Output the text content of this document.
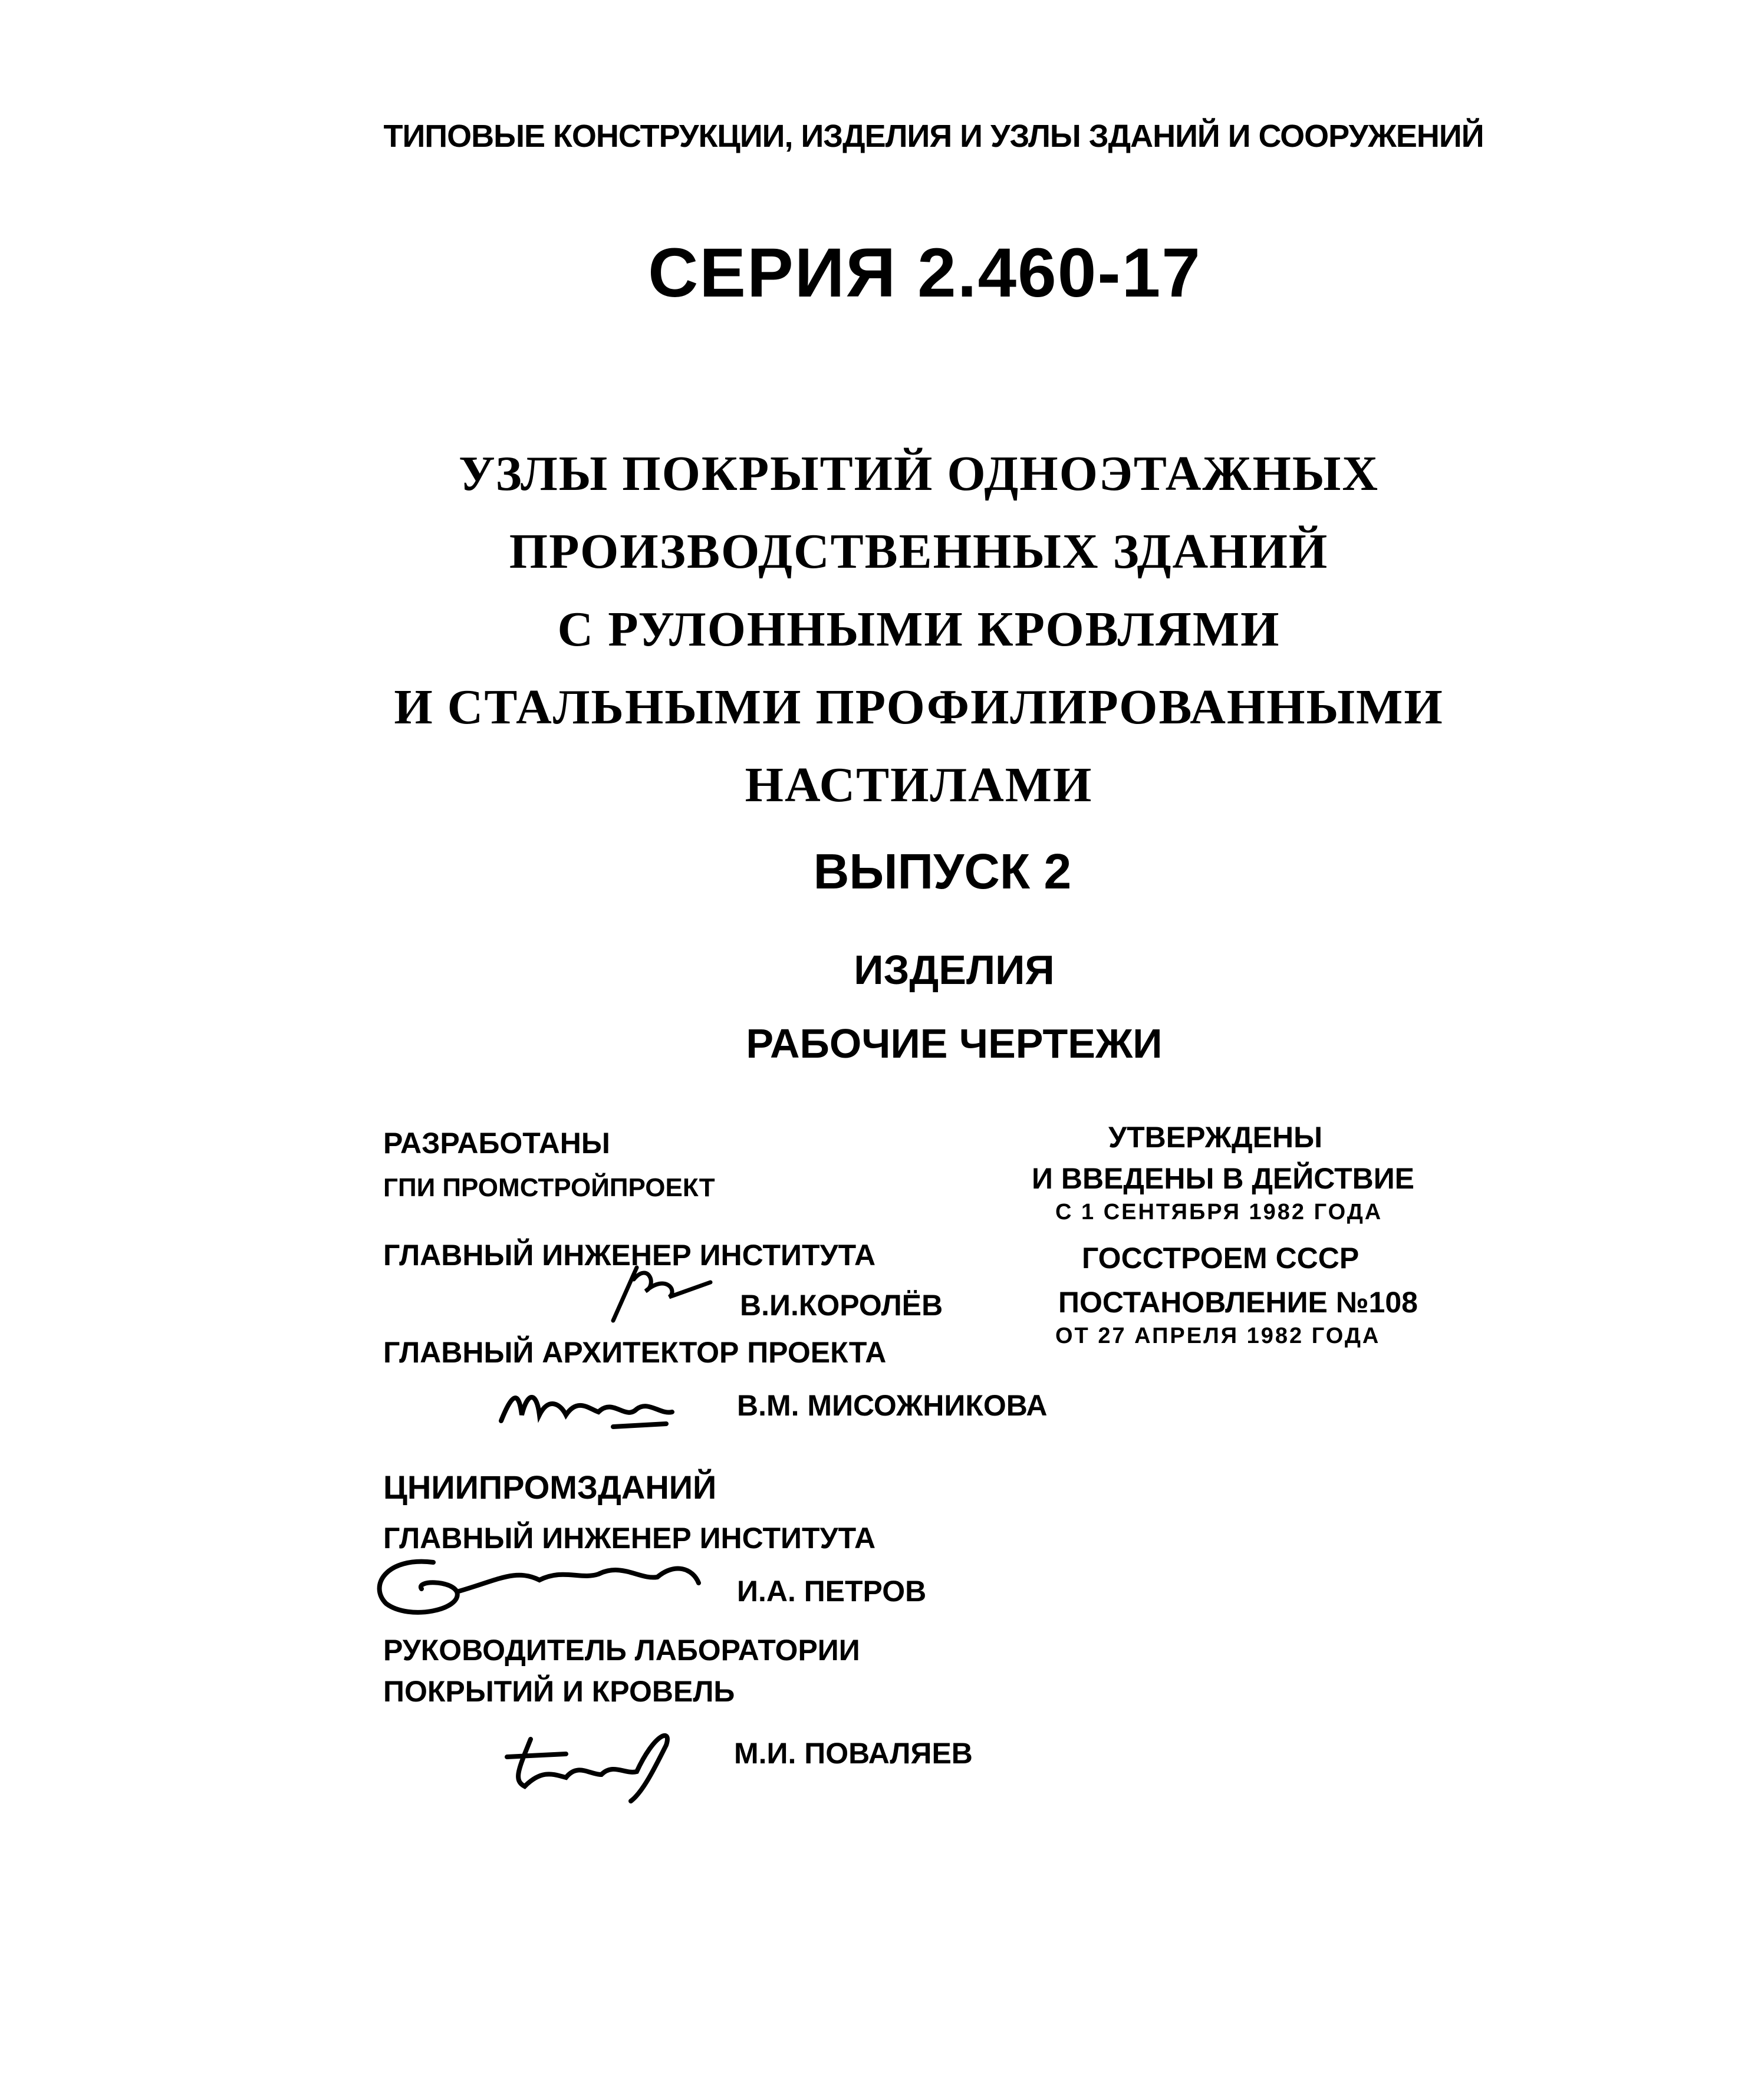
ТИПОВЫЕ КОНСТРУКЦИИ, ИЗДЕЛИЯ И УЗЛЫ ЗДАНИЙ И СООРУЖЕНИЙ
СЕРИЯ 2.460-17
УЗЛЫ ПОКРЫТИЙ ОДНОЭТАЖНЫХ
ПРОИЗВОДСТВЕННЫХ ЗДАНИЙ
С РУЛОННЫМИ КРОВЛЯМИ
И СТАЛЬНЫМИ ПРОФИЛИРОВАННЫМИ
НАСТИЛАМИ
ВЫПУСК 2
ИЗДЕЛИЯ
РАБОЧИЕ ЧЕРТЕЖИ
РАЗРАБОТАНЫ
ГПИ ПРОМСТРОЙПРОЕКТ
ГЛАВНЫЙ ИНЖЕНЕР ИНСТИТУТА
В.И.КОРОЛЁВ
ГЛАВНЫЙ АРХИТЕКТОР ПРОЕКТА
В.М. МИСОЖНИКОВА
ЦНИИПРОМЗДАНИЙ
ГЛАВНЫЙ ИНЖЕНЕР ИНСТИТУТА
И.А. ПЕТРОВ
РУКОВОДИТЕЛЬ ЛАБОРАТОРИИ
ПОКРЫТИЙ И КРОВЕЛЬ
М.И. ПОВАЛЯЕВ
УТВЕРЖДЕНЫ
И ВВЕДЕНЫ В ДЕЙСТВИЕ
С 1 СЕНТЯБРЯ 1982 ГОДА
ГОССТРОЕМ СССР
ПОСТАНОВЛЕНИЕ №108
ОТ 27 АПРЕЛЯ 1982 ГОДА
